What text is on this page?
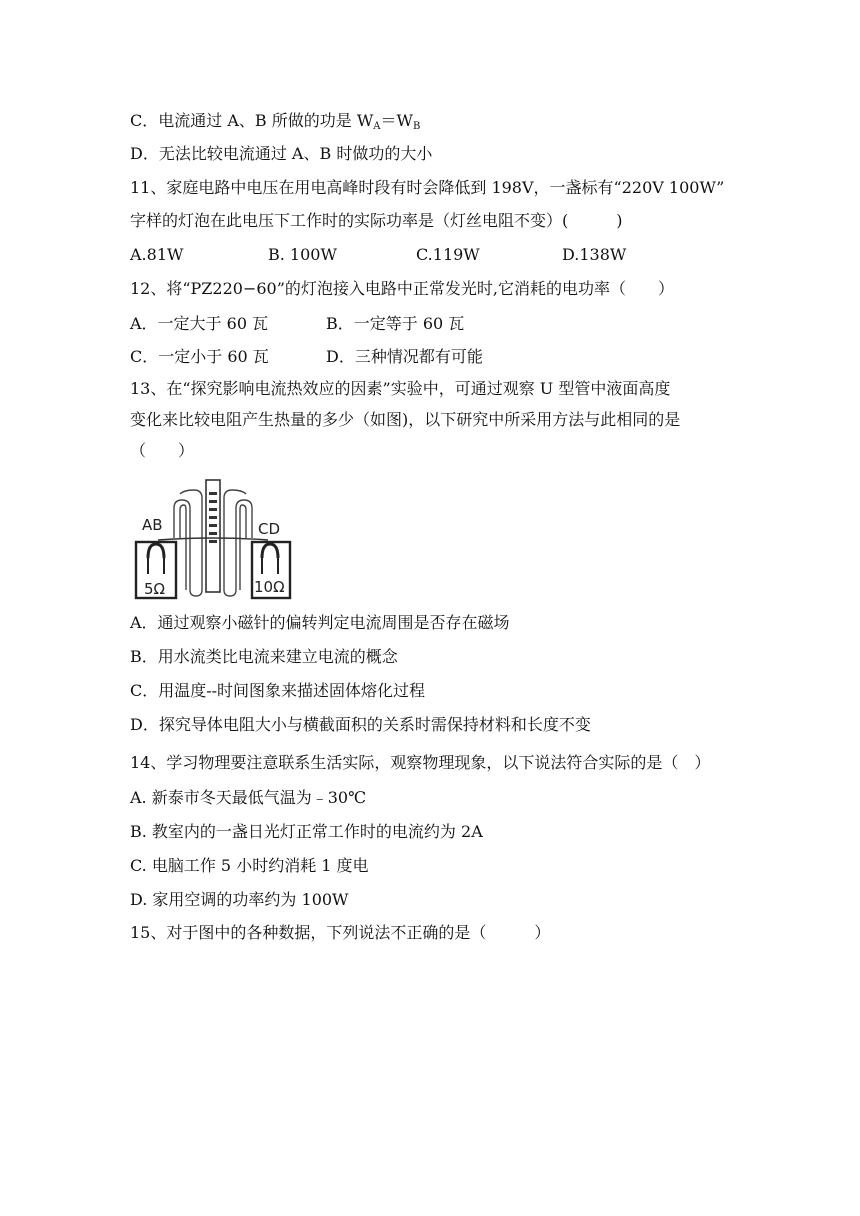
C．电流通过 A、B 所做的功是 $W_A=W_B$
D．无法比较电流通过 A、B 时做功的大小
11、家庭电路中电压在用电高峰时段有时会降低到 198V，一盏标有“220V 100W”
字样的灯泡在此电压下工作时的实际功率是（灯丝电阻不变）(　　　)
A.81W	B. 100W	C.119W	D.138W
12、将“PZ220−60”的灯泡接入电路中正常发光时,它消耗的电功率（　　）
A．一定大于 60 瓦	B．一定等于 60 瓦
C．一定小于 60 瓦	D．三种情况都有可能
13、在“探究影响电流热效应的因素”实验中，可通过观察 U 型管中液面高度
变化来比较电阻产生热量的多少（如图)，以下研究中所采用方法与此相同的是
（　　）
AB	CD
5Ω	10Ω
A．通过观察小磁针的偏转判定电流周围是否存在磁场
B．用水流类比电流来建立电流的概念
C．用温度--时间图象来描述固体熔化过程
D．探究导体电阻大小与横截面积的关系时需保持材料和长度不变
14、学习物理要注意联系生活实际，观察物理现象，以下说法符合实际的是（　）
A. 新泰市冬天最低气温为﹣30℃
B. 教室内的一盏日光灯正常工作时的电流约为 2A
C. 电脑工作 5 小时约消耗 1 度电
D. 家用空调的功率约为 100W
15、对于图中的各种数据，下列说法不正确的是（　　　）
